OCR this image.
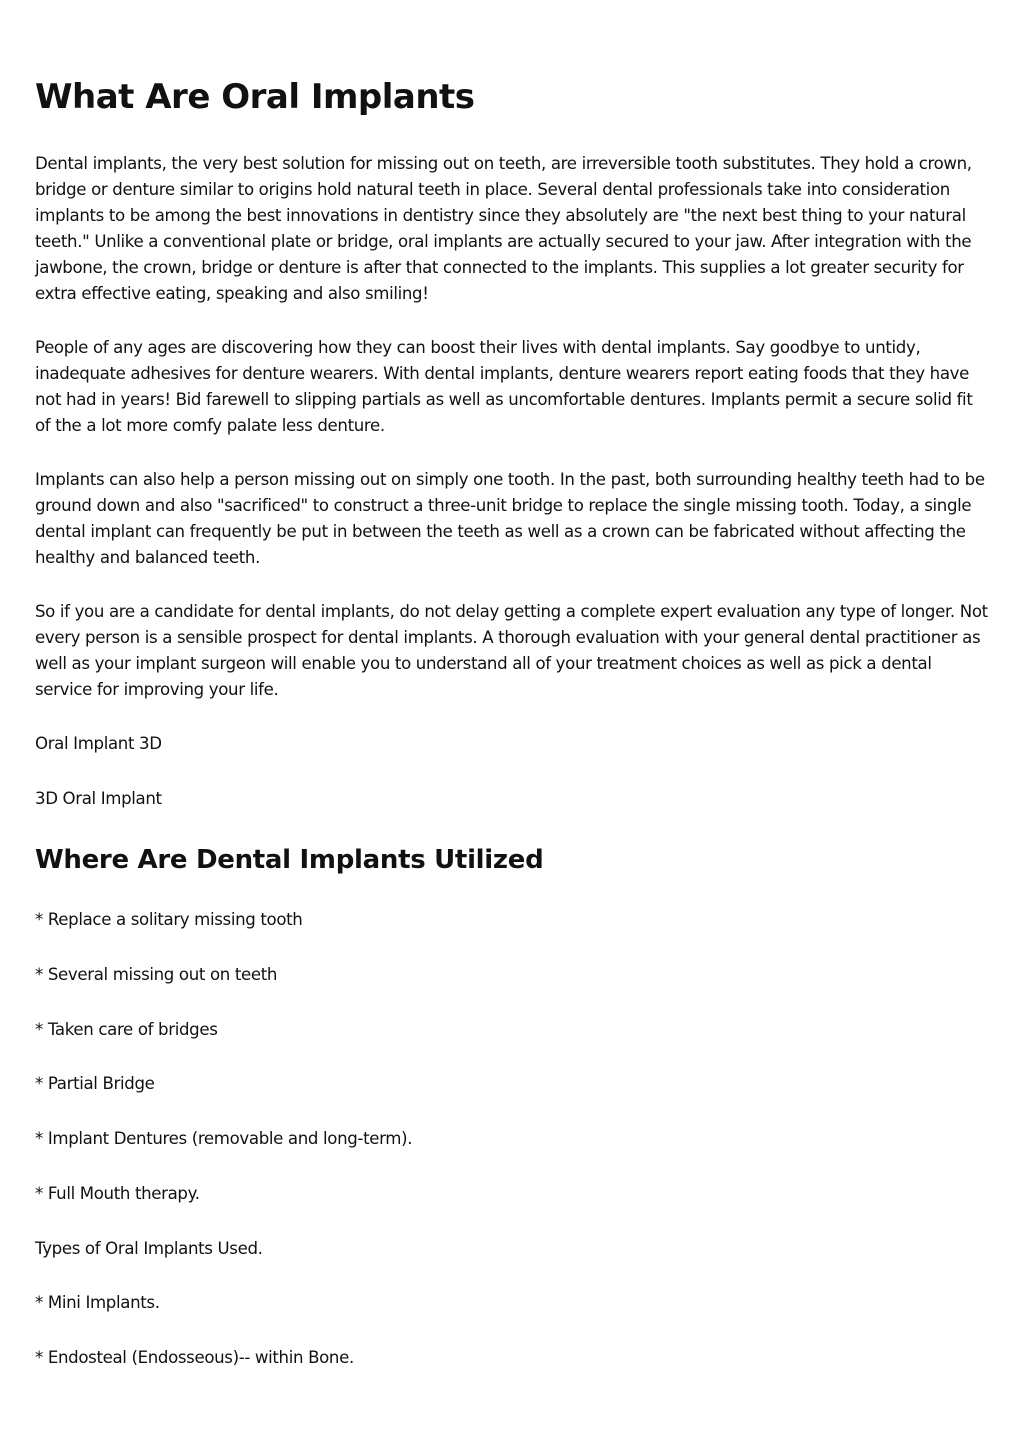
What Are Oral Implants

Dental implants, the very best solution for missing out on teeth, are irreversible tooth substitutes. They hold a crown, bridge or denture similar to origins hold natural teeth in place. Several dental professionals take into consideration implants to be among the best innovations in dentistry since they absolutely are "the next best thing to your natural teeth." Unlike a conventional plate or bridge, oral implants are actually secured to your jaw. After integration with the jawbone, the crown, bridge or denture is after that connected to the implants. This supplies a lot greater security for extra effective eating, speaking and also smiling!

People of any ages are discovering how they can boost their lives with dental implants. Say goodbye to untidy, inadequate adhesives for denture wearers. With dental implants, denture wearers report eating foods that they have not had in years! Bid farewell to slipping partials as well as uncomfortable dentures. Implants permit a secure solid fit of the a lot more comfy palate less denture.

Implants can also help a person missing out on simply one tooth. In the past, both surrounding healthy teeth had to be ground down and also "sacrificed" to construct a three-unit bridge to replace the single missing tooth. Today, a single dental implant can frequently be put in between the teeth as well as a crown can be fabricated without affecting the healthy and balanced teeth.

So if you are a candidate for dental implants, do not delay getting a complete expert evaluation any type of longer. Not every person is a sensible prospect for dental implants. A thorough evaluation with your general dental practitioner as well as your implant surgeon will enable you to understand all of your treatment choices as well as pick a dental service for improving your life.

Oral Implant 3D

3D Oral Implant

Where Are Dental Implants Utilized

* Replace a solitary missing tooth

* Several missing out on teeth

* Taken care of bridges

* Partial Bridge

* Implant Dentures (removable and long-term).

* Full Mouth therapy.

Types of Oral Implants Used.

* Mini Implants.

* Endosteal (Endosseous)-- within Bone.
